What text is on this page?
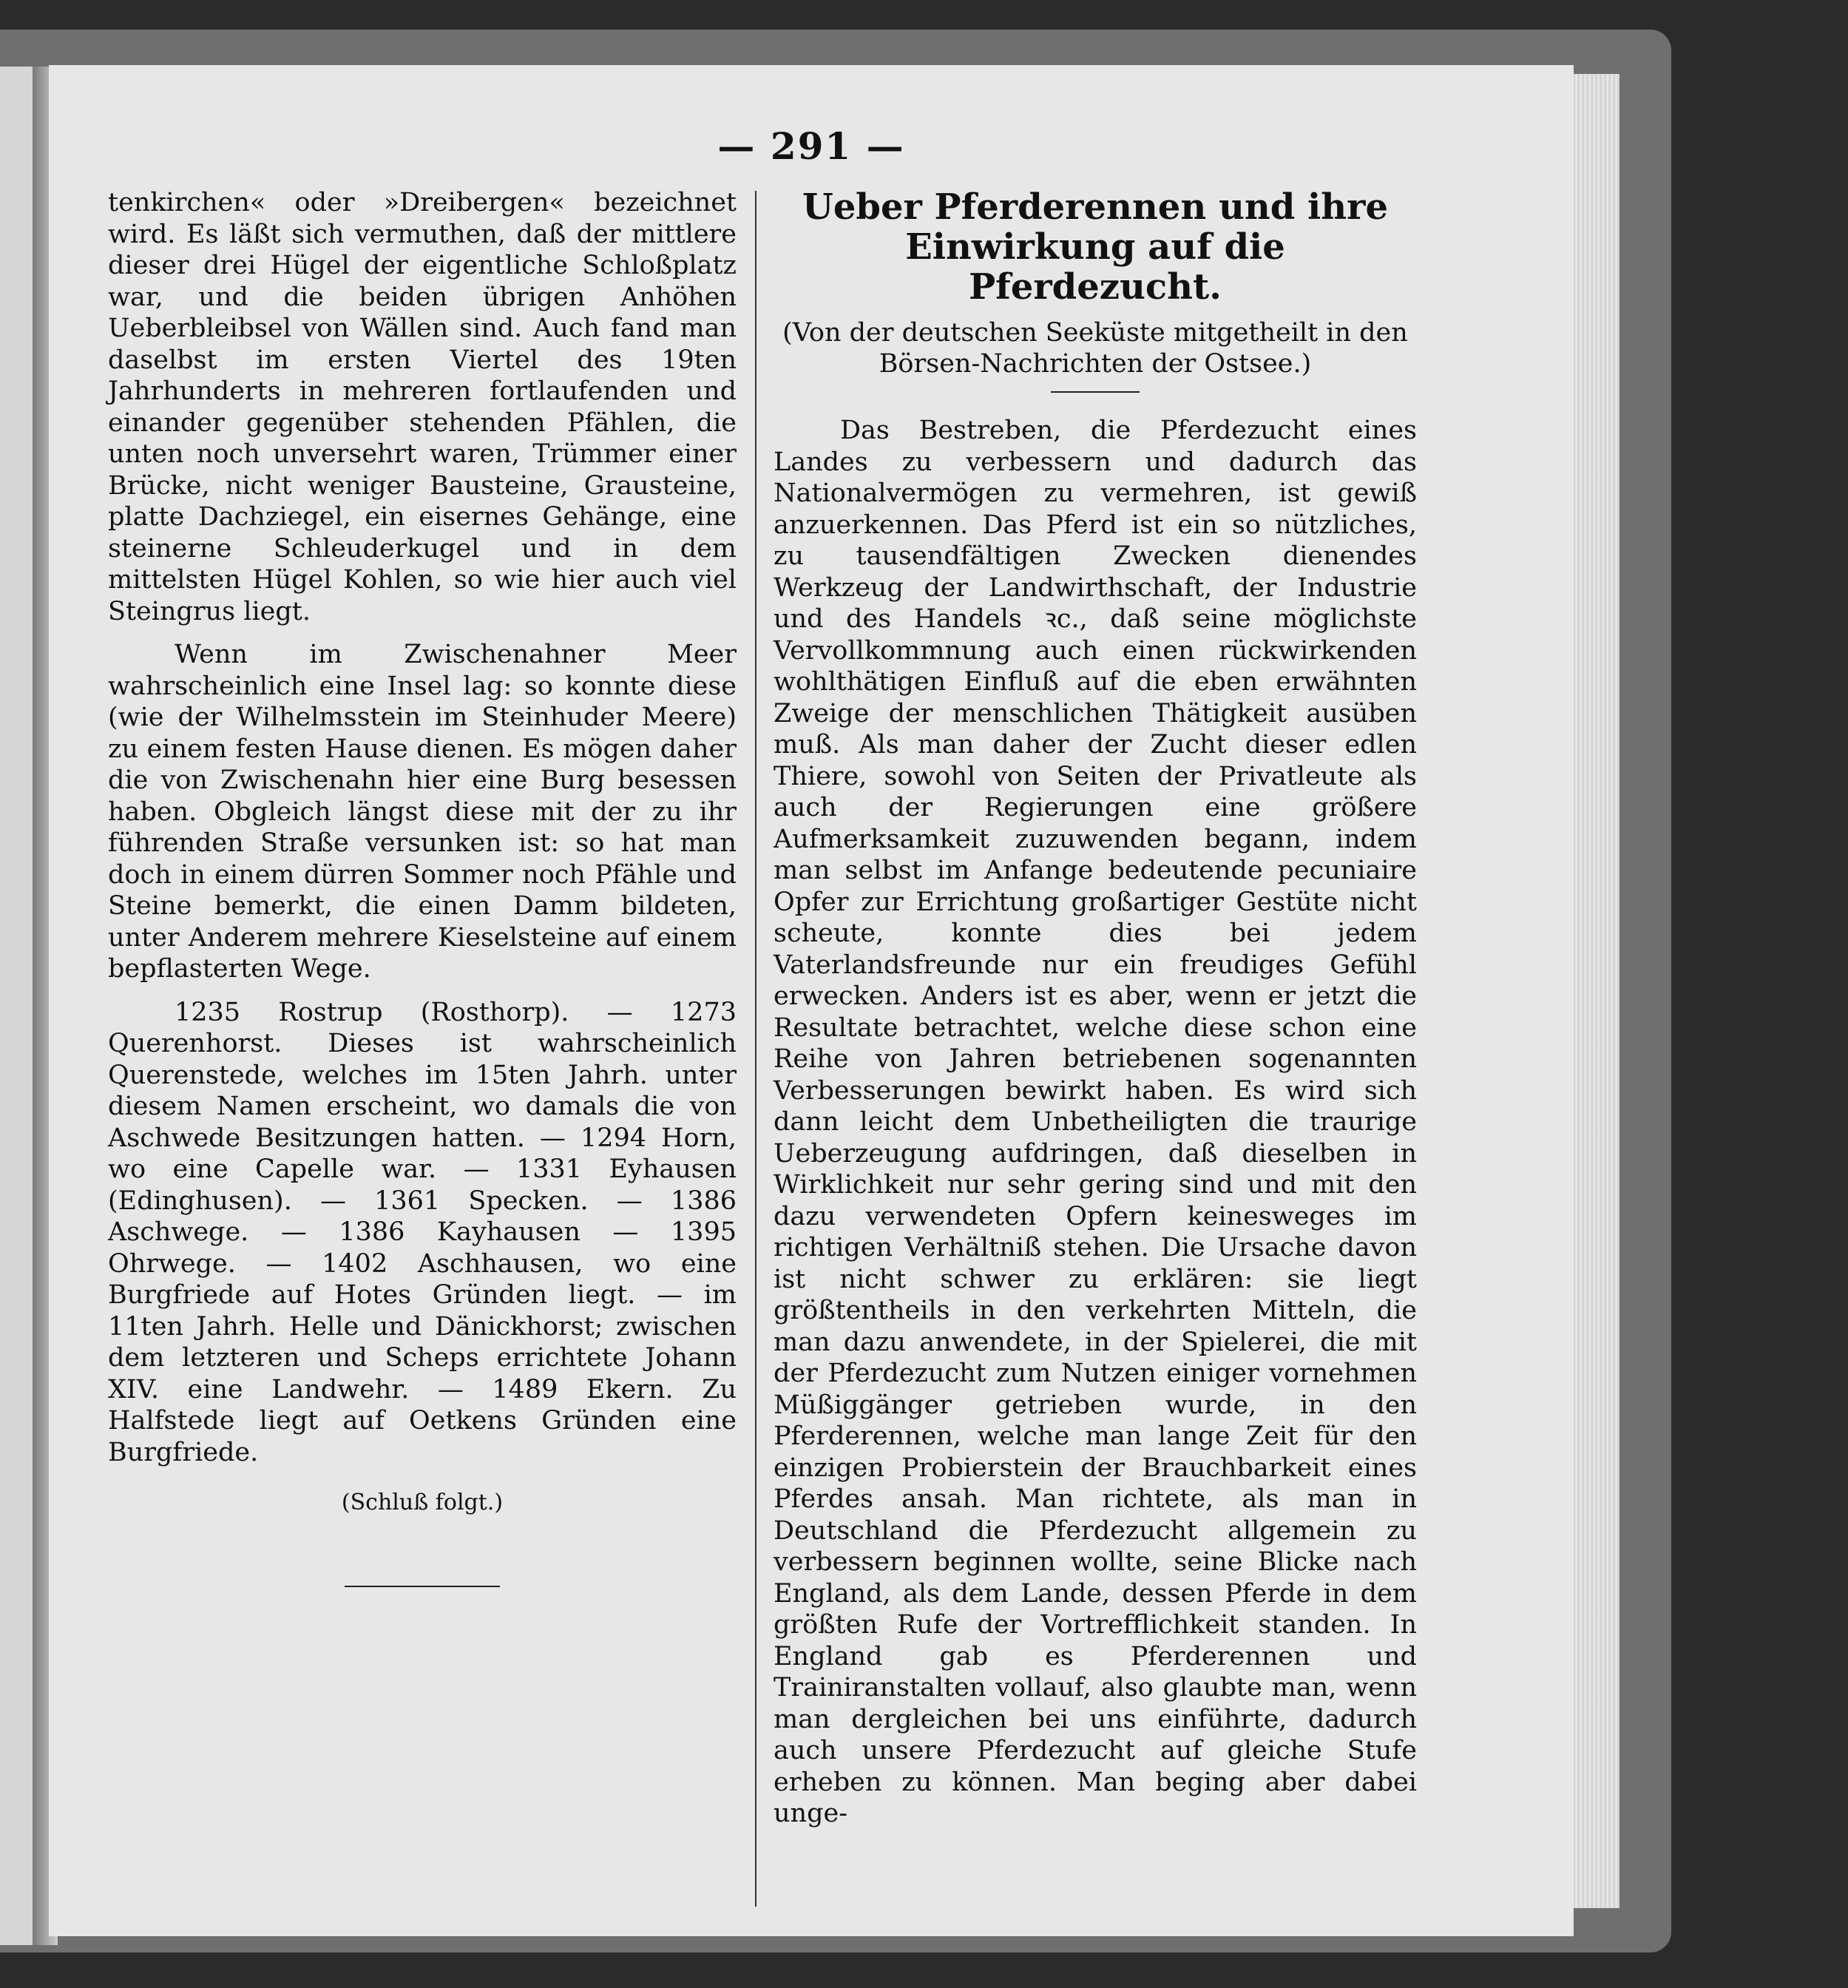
— 291 —

tenkirchen« oder »Dreibergen« bezeichnet wird. Es läßt sich vermuthen, daß der mittlere dieser drei Hügel der eigentliche Schloßplatz war, und die beiden übrigen Anhöhen Ueberbleibsel von Wällen sind. Auch fand man daselbst im ersten Viertel des 19ten Jahrhunderts in mehreren fortlaufenden und einander gegenüber stehenden Pfählen, die unten noch unversehrt waren, Trümmer einer Brücke, nicht weniger Bausteine, Grausteine, platte Dachziegel, ein eisernes Gehänge, eine steinerne Schleuderkugel und in dem mittelsten Hügel Kohlen, so wie hier auch viel Steingrus liegt.

Wenn im Zwischenahner Meer wahrscheinlich eine Insel lag: so konnte diese (wie der Wilhelmsstein im Steinhuder Meere) zu einem festen Hause dienen. Es mögen daher die von Zwischenahn hier eine Burg besessen haben. Obgleich längst diese mit der zu ihr führenden Straße versunken ist: so hat man doch in einem dürren Sommer noch Pfähle und Steine bemerkt, die einen Damm bildeten, unter Anderem mehrere Kieselsteine auf einem bepflasterten Wege.

1235 Rostrup (Rosthorp). — 1273 Querenhorst. Dieses ist wahrscheinlich Querenstede, welches im 15ten Jahrh. unter diesem Namen erscheint, wo damals die von Aschwede Besitzungen hatten. — 1294 Horn, wo eine Capelle war. — 1331 Eyhausen (Edinghusen). — 1361 Specken. — 1386 Aschwege. — 1386 Kayhausen — 1395 Ohrwege. — 1402 Aschhausen, wo eine Burgfriede auf Hotes Gründen liegt. — im 11ten Jahrh. Helle und Dänickhorst; zwischen dem letzteren und Scheps errichtete Johann XIV. eine Landwehr. — 1489 Ekern. Zu Halfstede liegt auf Oetkens Gründen eine Burgfriede.

(Schluß folgt.)
Ueber Pferderennen und ihre Einwirkung auf die Pferdezucht.
(Von der deutschen Seeküste mitgetheilt in den Börsen-Nachrichten der Ostsee.)

Das Bestreben, die Pferdezucht eines Landes zu verbessern und dadurch das Nationalvermögen zu vermehren, ist gewiß anzuerkennen. Das Pferd ist ein so nützliches, zu tausendfältigen Zwecken dienendes Werkzeug der Landwirthschaft, der Industrie und des Handels ꝛc., daß seine möglichste Vervollkommnung auch einen rückwirkenden wohlthätigen Einfluß auf die eben erwähnten Zweige der menschlichen Thätigkeit ausüben muß. Als man daher der Zucht dieser edlen Thiere, sowohl von Seiten der Privatleute als auch der Regierungen eine größere Aufmerksamkeit zuzuwenden begann, indem man selbst im Anfange bedeutende pecuniaire Opfer zur Errichtung großartiger Gestüte nicht scheute, konnte dies bei jedem Vaterlandsfreunde nur ein freudiges Gefühl erwecken. Anders ist es aber, wenn er jetzt die Resultate betrachtet, welche diese schon eine Reihe von Jahren betriebenen sogenannten Verbesserungen bewirkt haben. Es wird sich dann leicht dem Unbetheiligten die traurige Ueberzeugung aufdringen, daß dieselben in Wirklichkeit nur sehr gering sind und mit den dazu verwendeten Opfern keinesweges im richtigen Verhältniß stehen. Die Ursache davon ist nicht schwer zu erklären: sie liegt größtentheils in den verkehrten Mitteln, die man dazu anwendete, in der Spielerei, die mit der Pferdezucht zum Nutzen einiger vornehmen Müßiggänger getrieben wurde, in den Pferderennen, welche man lange Zeit für den einzigen Probierstein der Brauchbarkeit eines Pferdes ansah. Man richtete, als man in Deutschland die Pferdezucht allgemein zu verbessern beginnen wollte, seine Blicke nach England, als dem Lande, dessen Pferde in dem größten Rufe der Vortrefflichkeit standen. In England gab es Pferderennen und Trainiranstalten vollauf, also glaubte man, wenn man dergleichen bei uns einführte, dadurch auch unsere Pferdezucht auf gleiche Stufe erheben zu können. Man beging aber dabei unge-
